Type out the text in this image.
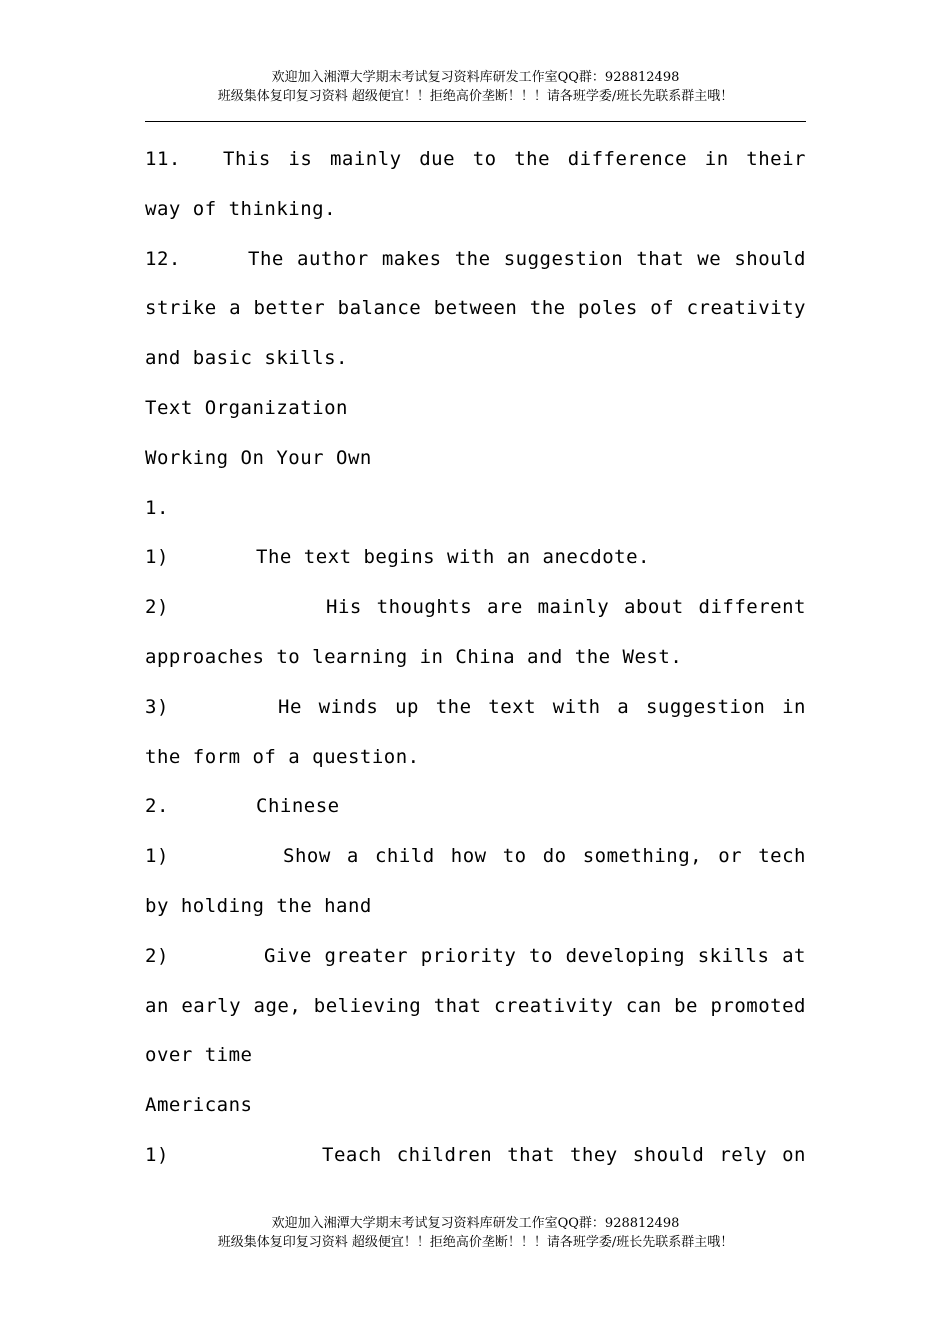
欢迎加入湘潭大学期末考试复习资料库研发工作室QQ群：928812498
班级集体复印复习资料 超级便宜！！拒绝高价垄断！！！请各班学委/班长先联系群主哦！

11. This is mainly due to the difference in their way of thinking.

12.	The author makes the suggestion that we should strike a better balance between the poles of creativity and basic skills.

Text Organization

Working On Your Own

1.

1)	The text begins with an anecdote.

2)	His thoughts are mainly about different approaches to learning in China and the West.

3)	He winds up the text with a suggestion in the form of a question.

2.	Chinese

1)	Show a child how to do something, or tech by holding the hand

2)	Give greater priority to developing skills at an early age, believing that creativity can be promoted over time

Americans

1)	Teach children that they should rely on

欢迎加入湘潭大学期末考试复习资料库研发工作室QQ群：928812498
班级集体复印复习资料 超级便宜！！拒绝高价垄断！！！请各班学委/班长先联系群主哦！
